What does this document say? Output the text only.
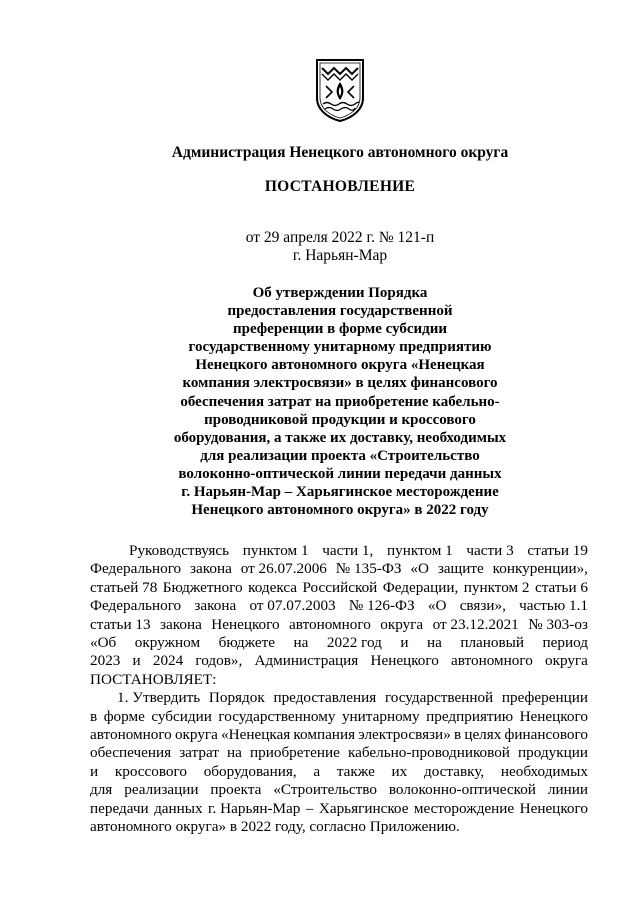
Администрация Ненецкого автономного округа
ПОСТАНОВЛЕНИЕ
от 29 апреля 2022 г. № 121-п
г. Нарьян-Мар
Об утверждении Порядка
предоставления государственной
преференции в форме субсидии
государственному унитарному предприятию
Ненецкого автономного округа «Ненецкая
компания электросвязи» в целях финансового
обеспечения затрат на приобретение кабельно-
проводниковой продукции и кроссового
оборудования, а также их доставку, необходимых
для реализации проекта «Строительство
волоконно-оптической линии передачи данных
г. Нарьян-Мар – Харьягинское месторождение
Ненецкого автономного округа» в 2022 году
Руководствуясь пунктом 1 части 1, пунктом 1 части 3 статьи 19
Федерального закона от 26.07.2006 № 135-ФЗ «О защите конкуренции»,
статьей 78 Бюджетного кодекса Российской Федерации, пунктом 2 статьи 6
Федерального закона от 07.07.2003 № 126-ФЗ «О связи», частью 1.1
статьи 13 закона Ненецкого автономного округа от 23.12.2021 № 303-оз
«Об окружном бюджете на 2022 год и на плановый период
2023 и 2024 годов», Администрация Ненецкого автономного округа
ПОСТАНОВЛЯЕТ:
1. Утвердить Порядок предоставления государственной преференции
в форме субсидии государственному унитарному предприятию Ненецкого
автономного округа «Ненецкая компания электросвязи» в целях финансового
обеспечения затрат на приобретение кабельно-проводниковой продукции
и кроссового оборудования, а также их доставку, необходимых
для реализации проекта «Строительство волоконно-оптической линии
передачи данных г. Нарьян-Мар – Харьягинское месторождение Ненецкого
автономного округа» в 2022 году, согласно Приложению.
